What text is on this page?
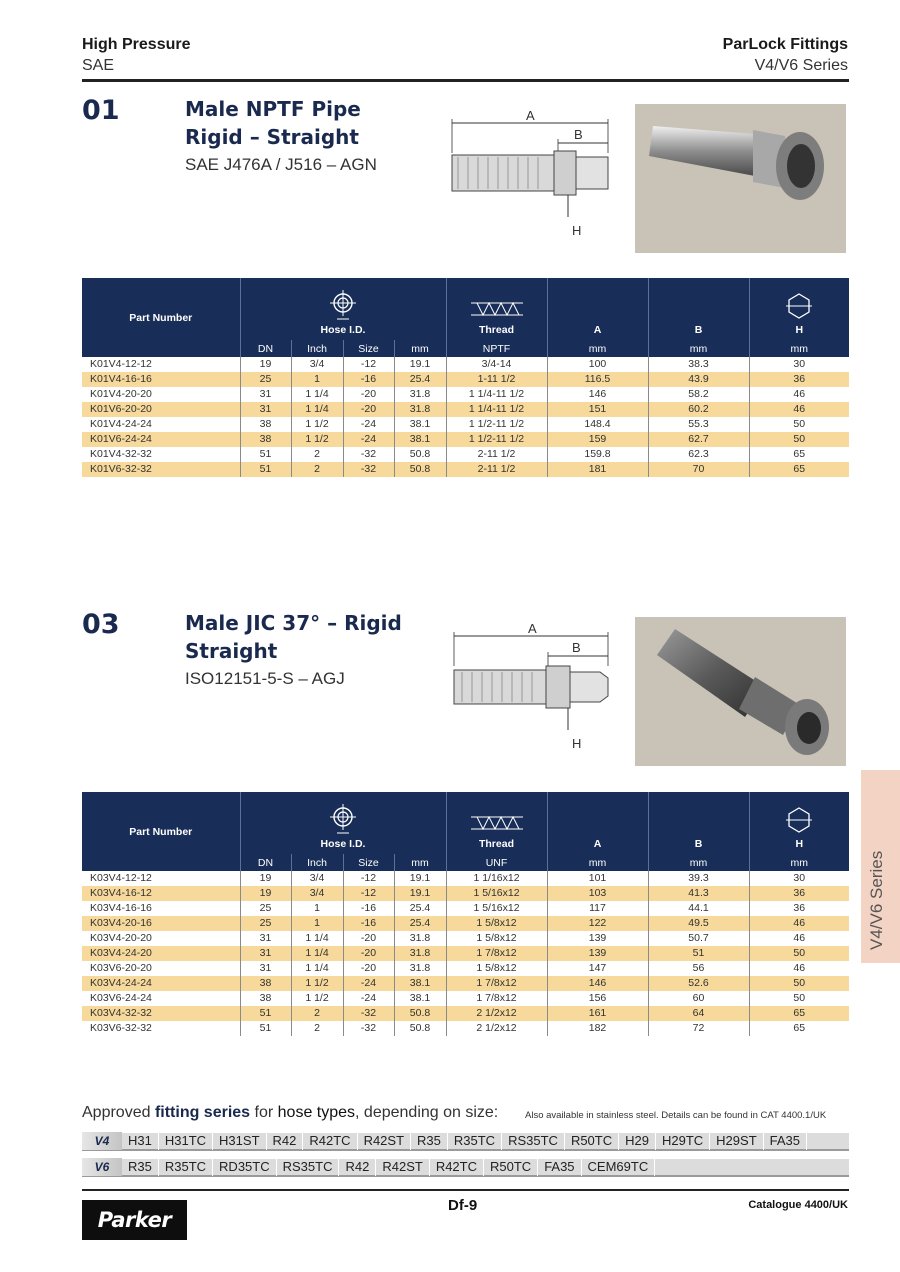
High Pressure
SAE
ParLock Fittings
V4/V6 Series
01	Male NPTF Pipe
Rigid – Straight
SAE J476A / J516 – AGN
A
B
H
Part Number	Hose I.D.				Thread	A	B	H
	DN	Inch	Size	mm	NPTF	mm	mm	mm
K01V4-12-12	19	3/4	-12	19.1	3/4-14	100	38.3	30
K01V4-16-16	25	1	-16	25.4	1-11 1/2	116.5	43.9	36
K01V4-20-20	31	1 1/4	-20	31.8	1 1/4-11 1/2	146	58.2	46
K01V6-20-20	31	1 1/4	-20	31.8	1 1/4-11 1/2	151	60.2	46
K01V4-24-24	38	1 1/2	-24	38.1	1 1/2-11 1/2	148.4	55.3	50
K01V6-24-24	38	1 1/2	-24	38.1	1 1/2-11 1/2	159	62.7	50
K01V4-32-32	51	2	-32	50.8	2-11 1/2	159.8	62.3	65
K01V6-32-32	51	2	-32	50.8	2-11 1/2	181	70	65
03	Male JIC 37° – Rigid
Straight
ISO12151-5-S – AGJ
A
B
H
Part Number	Hose I.D.				Thread	A	B	H
	DN	Inch	Size	mm	UNF	mm	mm	mm
K03V4-12-12	19	3/4	-12	19.1	1 1/16x12	101	39.3	30
K03V4-16-12	19	3/4	-12	19.1	1 5/16x12	103	41.3	36
K03V4-16-16	25	1	-16	25.4	1 5/16x12	117	44.1	36
K03V4-20-16	25	1	-16	25.4	1 5/8x12	122	49.5	46
K03V4-20-20	31	1 1/4	-20	31.8	1 5/8x12	139	50.7	46
K03V4-24-20	31	1 1/4	-20	31.8	1 7/8x12	139	51	50
K03V6-20-20	31	1 1/4	-20	31.8	1 5/8x12	147	56	46
K03V4-24-24	38	1 1/2	-24	38.1	1 7/8x12	146	52.6	50
K03V6-24-24	38	1 1/2	-24	38.1	1 7/8x12	156	60	50
K03V4-32-32	51	2	-32	50.8	2 1/2x12	161	64	65
K03V6-32-32	51	2	-32	50.8	2 1/2x12	182	72	65
V4/V6 Series
Approved fitting series for hose types, depending on size:	Also available in stainless steel. Details can be found in CAT 4400.1/UK
V4	H31	H31TC	H31ST	R42	R42TC	R42ST	R35	R35TC	RS35TC	R50TC	H29	H29TC	H29ST	FA35
V6	R35	R35TC	RD35TC	RS35TC	R42	R42ST	R42TC	R50TC	FA35	CEM69TC
Parker
Df-9	Catalogue 4400/UK
